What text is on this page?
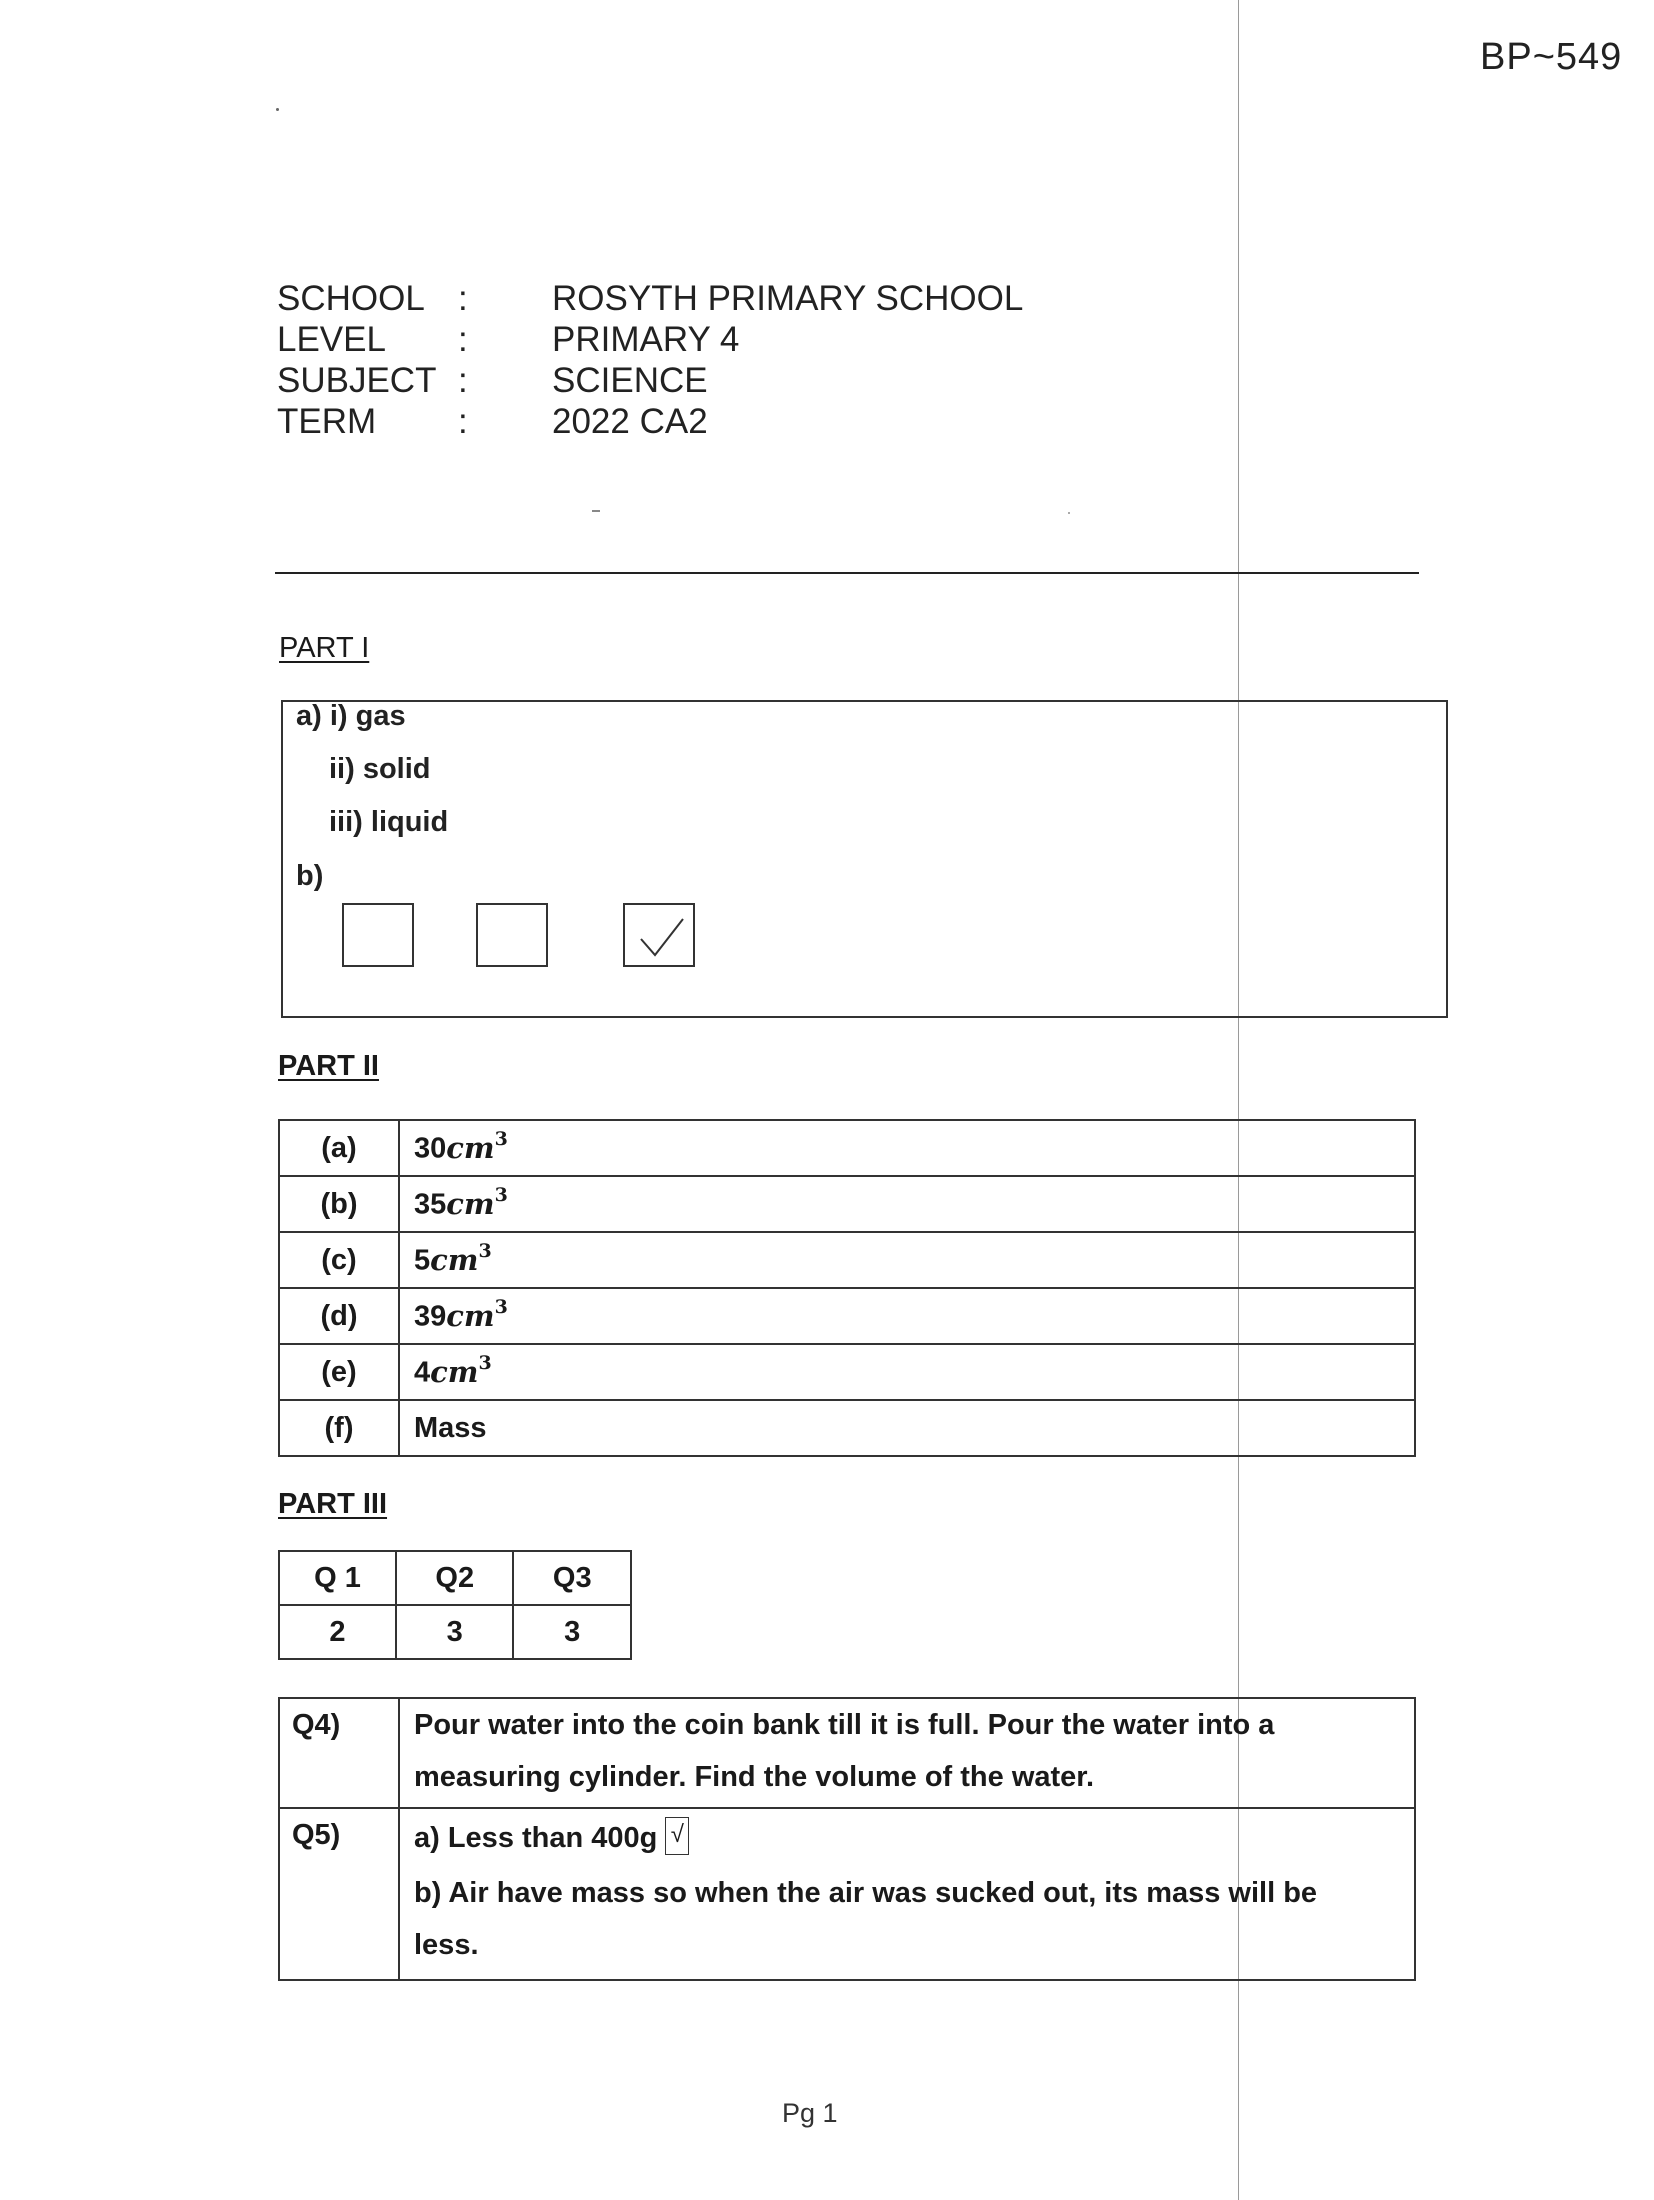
BP~549
SCHOOL : ROSYTH PRIMARY SCHOOL
LEVEL : PRIMARY 4
SUBJECT : SCIENCE
TERM : 2022 CA2
PART I
a) i) gas
ii) solid
iii) liquid
b)
PART II
(a)	$30cm^3$
(b)	$35cm^3$
(c)	$5cm^3$
(d)	$39cm^3$
(e)	$4cm^3$
(f)	Mass
PART III
Q 1	Q2	Q3
2	3	3
Q4)	Pour water into the coin bank till it is full. Pour the water into a
measuring cylinder. Find the volume of the water.

Q5)	a) Less than 400g √
b) Air have mass so when the air was sucked out, its mass will be
less.
Pg 1
